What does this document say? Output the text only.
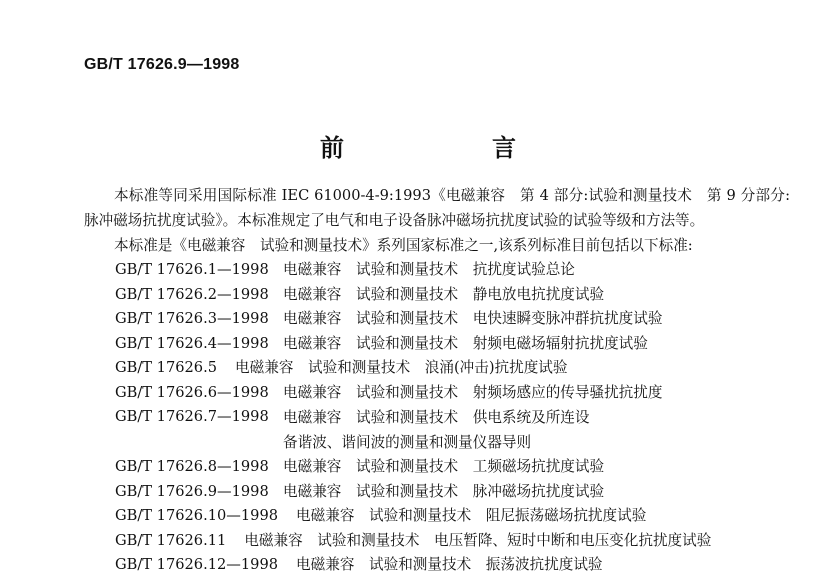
GB/T 17626.9—1998
前　言
本标准等同采用国际标准 IEC 61000-4-9:1993《电磁兼容　第 4 部分:试验和测量技术　第 9 分部分:脉冲磁场抗扰度试验》。本标准规定了电气和电子设备脉冲磁场抗扰度试验的试验等级和方法等。
本标准是《电磁兼容　试验和测量技术》系列国家标准之一,该系列标准目前包括以下标准:
GB/T 17626.1—1998 电磁兼容　试验和测量技术　抗扰度试验总论
GB/T 17626.2—1998 电磁兼容　试验和测量技术　静电放电抗扰度试验
GB/T 17626.3—1998 电磁兼容　试验和测量技术　电快速瞬变脉冲群抗扰度试验
GB/T 17626.4—1998 电磁兼容　试验和测量技术　射频电磁场辐射抗扰度试验
GB/T 17626.5 电磁兼容　试验和测量技术　浪涌(冲击)抗扰度试验
GB/T 17626.6—1998 电磁兼容　试验和测量技术　射频场感应的传导骚扰抗扰度
GB/T 17626.7—1998 电磁兼容　试验和测量技术　供电系统及所连设备谐波、谐间波的测量和测量仪器导则
GB/T 17626.8—1998 电磁兼容　试验和测量技术　工频磁场抗扰度试验
GB/T 17626.9—1998 电磁兼容　试验和测量技术　脉冲磁场抗扰度试验
GB/T 17626.10—1998 电磁兼容　试验和测量技术　阻尼振荡磁场抗扰度试验
GB/T 17626.11 电磁兼容　试验和测量技术　电压暂降、短时中断和电压变化抗扰度试验
GB/T 17626.12—1998 电磁兼容　试验和测量技术　振荡波抗扰度试验
